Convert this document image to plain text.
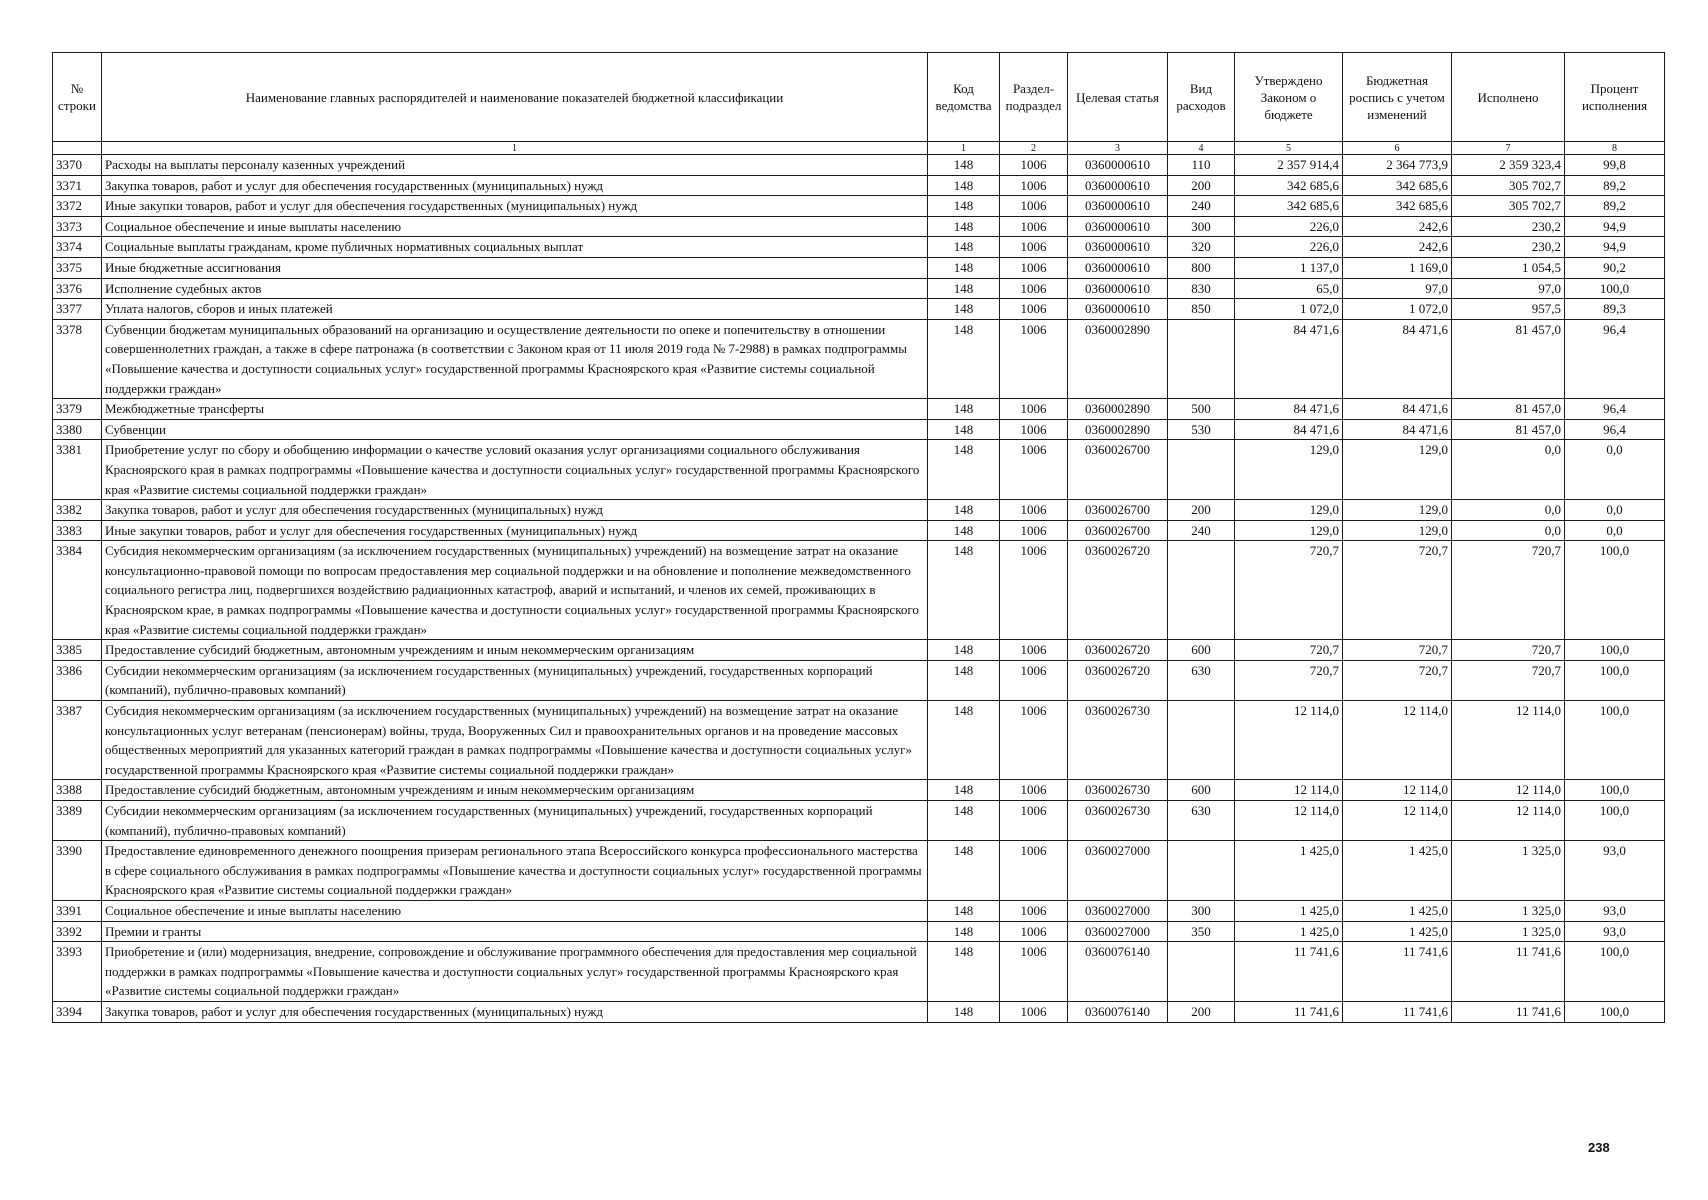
№ строки	Наименование главных распорядителей и наименование показателей бюджетной классификации	Код ведомства	Раздел-подраздел	Целевая статья	Вид расходов	Утверждено Законом о бюджете	Бюджетная роспись с учетом изменений	Исполнено	Процент исполнения
	1	1	2	3	4	5	6	7	8
3370	Расходы на выплаты персоналу казенных учреждений	148	1006	0360000610	110	2 357 914,4	2 364 773,9	2 359 323,4	99,8
3371	Закупка товаров, работ и услуг для обеспечения государственных (муниципальных) нужд	148	1006	0360000610	200	342 685,6	342 685,6	305 702,7	89,2
3372	Иные закупки товаров, работ и услуг для обеспечения государственных (муниципальных) нужд	148	1006	0360000610	240	342 685,6	342 685,6	305 702,7	89,2
3373	Социальное обеспечение и иные выплаты населению	148	1006	0360000610	300	226,0	242,6	230,2	94,9
3374	Социальные выплаты гражданам, кроме публичных нормативных социальных выплат	148	1006	0360000610	320	226,0	242,6	230,2	94,9
3375	Иные бюджетные ассигнования	148	1006	0360000610	800	1 137,0	1 169,0	1 054,5	90,2
3376	Исполнение судебных актов	148	1006	0360000610	830	65,0	97,0	97,0	100,0
3377	Уплата налогов, сборов и иных платежей	148	1006	0360000610	850	1 072,0	1 072,0	957,5	89,3
3378	Субвенции бюджетам муниципальных образований на организацию и осуществление деятельности по опеке и попечительству в отношении совершеннолетних граждан, а также в сфере патронажа (в соответствии с Законом края от 11 июля 2019 года № 7-2988) в рамках подпрограммы «Повышение качества и доступности социальных услуг» государственной программы Красноярского края «Развитие системы социальной поддержки граждан»	148	1006	0360002890		84 471,6	84 471,6	81 457,0	96,4
3379	Межбюджетные трансферты	148	1006	0360002890	500	84 471,6	84 471,6	81 457,0	96,4
3380	Субвенции	148	1006	0360002890	530	84 471,6	84 471,6	81 457,0	96,4
3381	Приобретение услуг по сбору и обобщению информации о качестве условий оказания услуг организациями социального обслуживания Красноярского края в рамках подпрограммы «Повышение качества и доступности социальных услуг» государственной программы Красноярского края «Развитие системы социальной поддержки граждан»	148	1006	0360026700		129,0	129,0	0,0	0,0
3382	Закупка товаров, работ и услуг для обеспечения государственных (муниципальных) нужд	148	1006	0360026700	200	129,0	129,0	0,0	0,0
3383	Иные закупки товаров, работ и услуг для обеспечения государственных (муниципальных) нужд	148	1006	0360026700	240	129,0	129,0	0,0	0,0
3384	Субсидия некоммерческим организациям (за исключением государственных (муниципальных) учреждений) на возмещение затрат на оказание консультационно-правовой помощи по вопросам предоставления мер социальной поддержки и на обновление и пополнение межведомственного социального регистра лиц, подвергшихся воздействию радиационных катастроф, аварий и испытаний, и членов их семей, проживающих в Красноярском крае, в рамках подпрограммы «Повышение качества и доступности социальных услуг» государственной программы Красноярского края «Развитие системы социальной поддержки граждан»	148	1006	0360026720		720,7	720,7	720,7	100,0
3385	Предоставление субсидий бюджетным, автономным учреждениям и иным некоммерческим организациям	148	1006	0360026720	600	720,7	720,7	720,7	100,0
3386	Субсидии некоммерческим организациям (за исключением государственных (муниципальных) учреждений, государственных корпораций (компаний), публично-правовых компаний)	148	1006	0360026720	630	720,7	720,7	720,7	100,0
3387	Субсидия некоммерческим организациям (за исключением государственных (муниципальных) учреждений) на возмещение затрат на оказание консультационных услуг ветеранам (пенсионерам) войны, труда, Вооруженных Сил и правоохранительных органов и на проведение массовых общественных мероприятий для указанных категорий граждан в рамках подпрограммы «Повышение качества и доступности социальных услуг» государственной программы Красноярского края «Развитие системы социальной поддержки граждан»	148	1006	0360026730		12 114,0	12 114,0	12 114,0	100,0
3388	Предоставление субсидий бюджетным, автономным учреждениям и иным некоммерческим организациям	148	1006	0360026730	600	12 114,0	12 114,0	12 114,0	100,0
3389	Субсидии некоммерческим организациям (за исключением государственных (муниципальных) учреждений, государственных корпораций (компаний), публично-правовых компаний)	148	1006	0360026730	630	12 114,0	12 114,0	12 114,0	100,0
3390	Предоставление единовременного денежного поощрения призерам регионального этапа Всероссийского конкурса профессионального мастерства в сфере социального обслуживания в рамках подпрограммы «Повышение качества и доступности социальных услуг» государственной программы Красноярского края «Развитие системы социальной поддержки граждан»	148	1006	0360027000		1 425,0	1 425,0	1 325,0	93,0
3391	Социальное обеспечение и иные выплаты населению	148	1006	0360027000	300	1 425,0	1 425,0	1 325,0	93,0
3392	Премии и гранты	148	1006	0360027000	350	1 425,0	1 425,0	1 325,0	93,0
3393	Приобретение и (или) модернизация, внедрение, сопровождение и обслуживание программного обеспечения для предоставления мер социальной поддержки в рамках подпрограммы «Повышение качества и доступности социальных услуг» государственной программы Красноярского края «Развитие системы социальной поддержки граждан»	148	1006	0360076140		11 741,6	11 741,6	11 741,6	100,0
3394	Закупка товаров, работ и услуг для обеспечения государственных (муниципальных) нужд	148	1006	0360076140	200	11 741,6	11 741,6	11 741,6	100,0
238
